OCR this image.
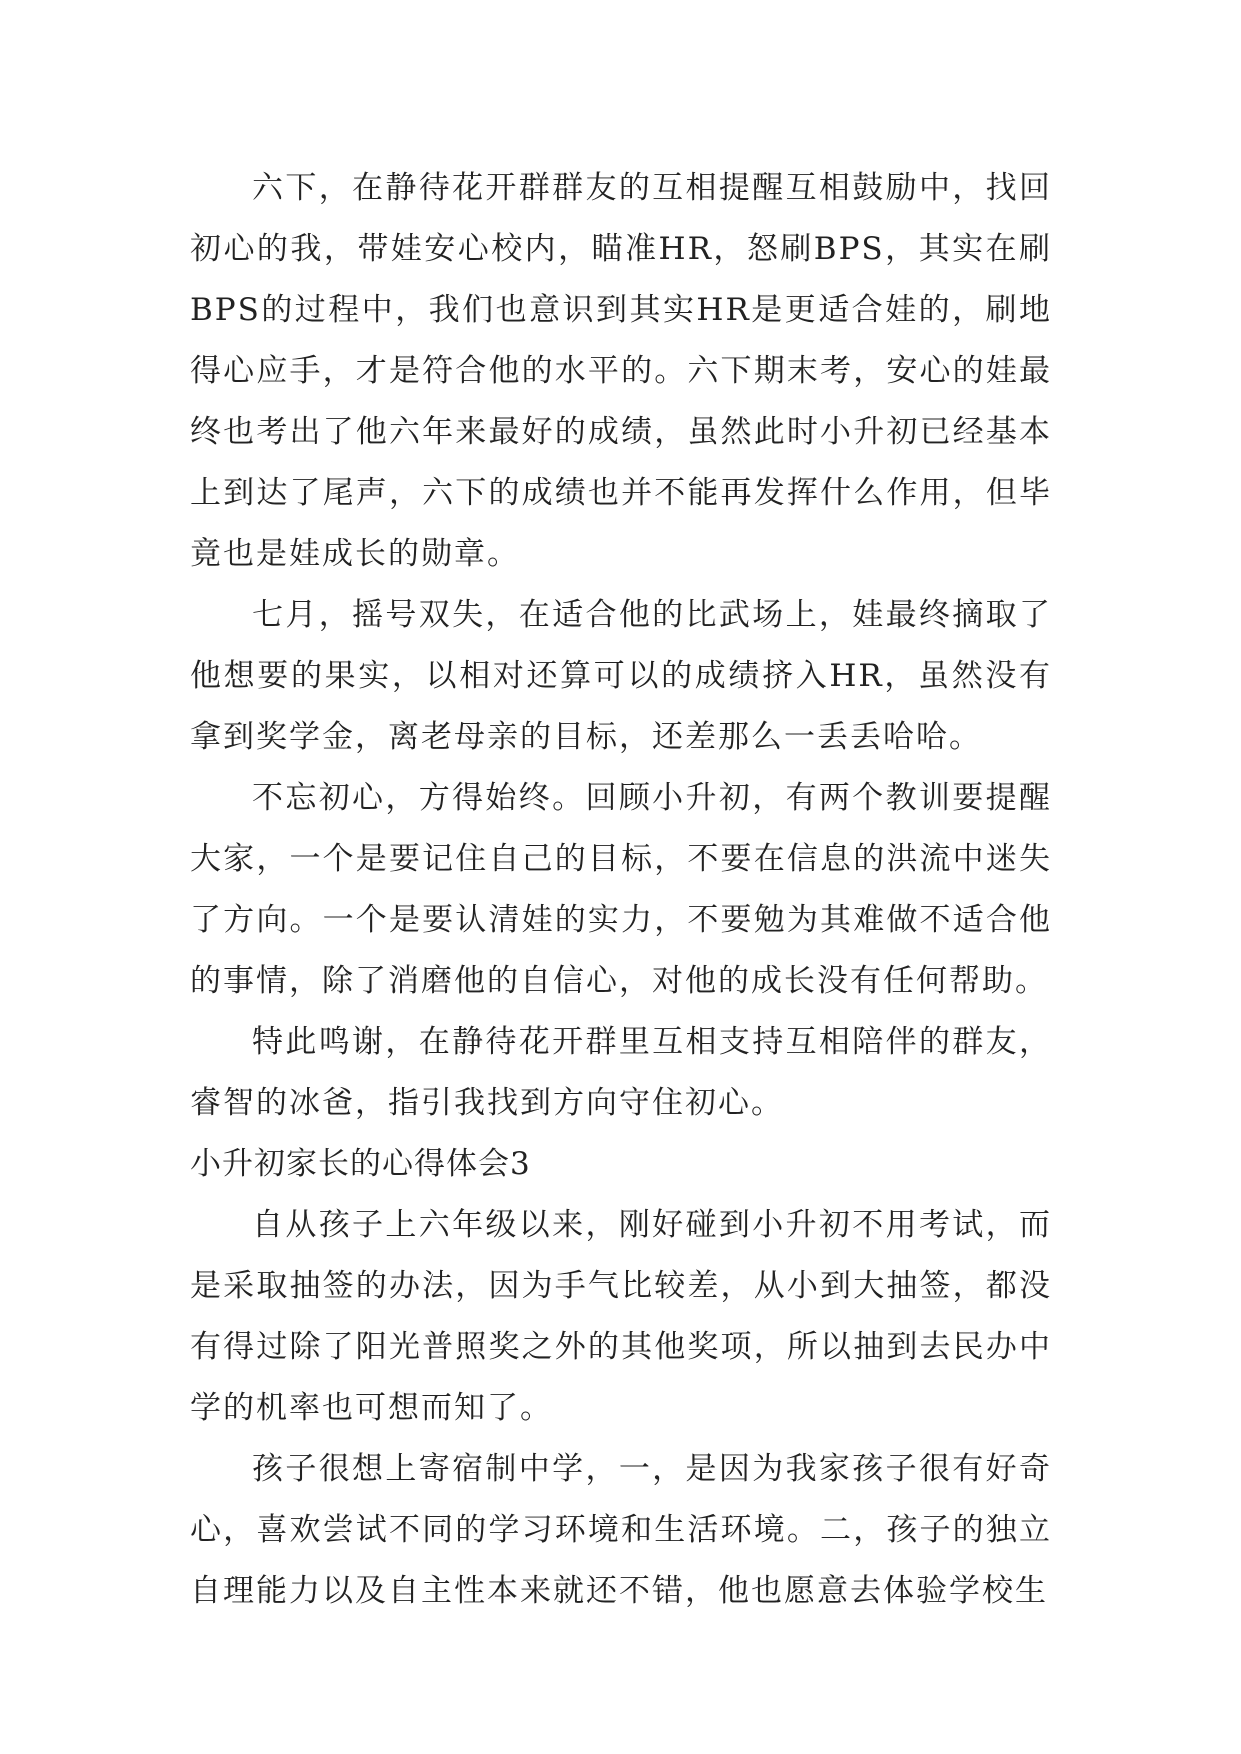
六下，在静待花开群群友的互相提醒互相鼓励中，找回初心的我，带娃安心校内，瞄准HR，怒刷BPS，其实在刷BPS的过程中，我们也意识到其实HR是更适合娃的，刷地得心应手，才是符合他的水平的。六下期末考，安心的娃最终也考出了他六年来最好的成绩，虽然此时小升初已经基本上到达了尾声，六下的成绩也并不能再发挥什么作用，但毕竟也是娃成长的勋章。

七月，摇号双失，在适合他的比武场上，娃最终摘取了他想要的果实，以相对还算可以的成绩挤入HR，虽然没有拿到奖学金，离老母亲的目标，还差那么一丢丢哈哈。

不忘初心，方得始终。回顾小升初，有两个教训要提醒大家，一个是要记住自己的目标，不要在信息的洪流中迷失了方向。一个是要认清娃的实力，不要勉为其难做不适合他的事情，除了消磨他的自信心，对他的成长没有任何帮助。

特此鸣谢，在静待花开群里互相支持互相陪伴的群友，睿智的冰爸，指引我找到方向守住初心。

小升初家长的心得体会3

自从孩子上六年级以来，刚好碰到小升初不用考试，而是采取抽签的办法，因为手气比较差，从小到大抽签，都没有得过除了阳光普照奖之外的其他奖项，所以抽到去民办中学的机率也可想而知了。

孩子很想上寄宿制中学，一，是因为我家孩子很有好奇心，喜欢尝试不同的学习环境和生活环境。二，孩子的独立自理能力以及自主性本来就还不错，他也愿意去体验学校生
